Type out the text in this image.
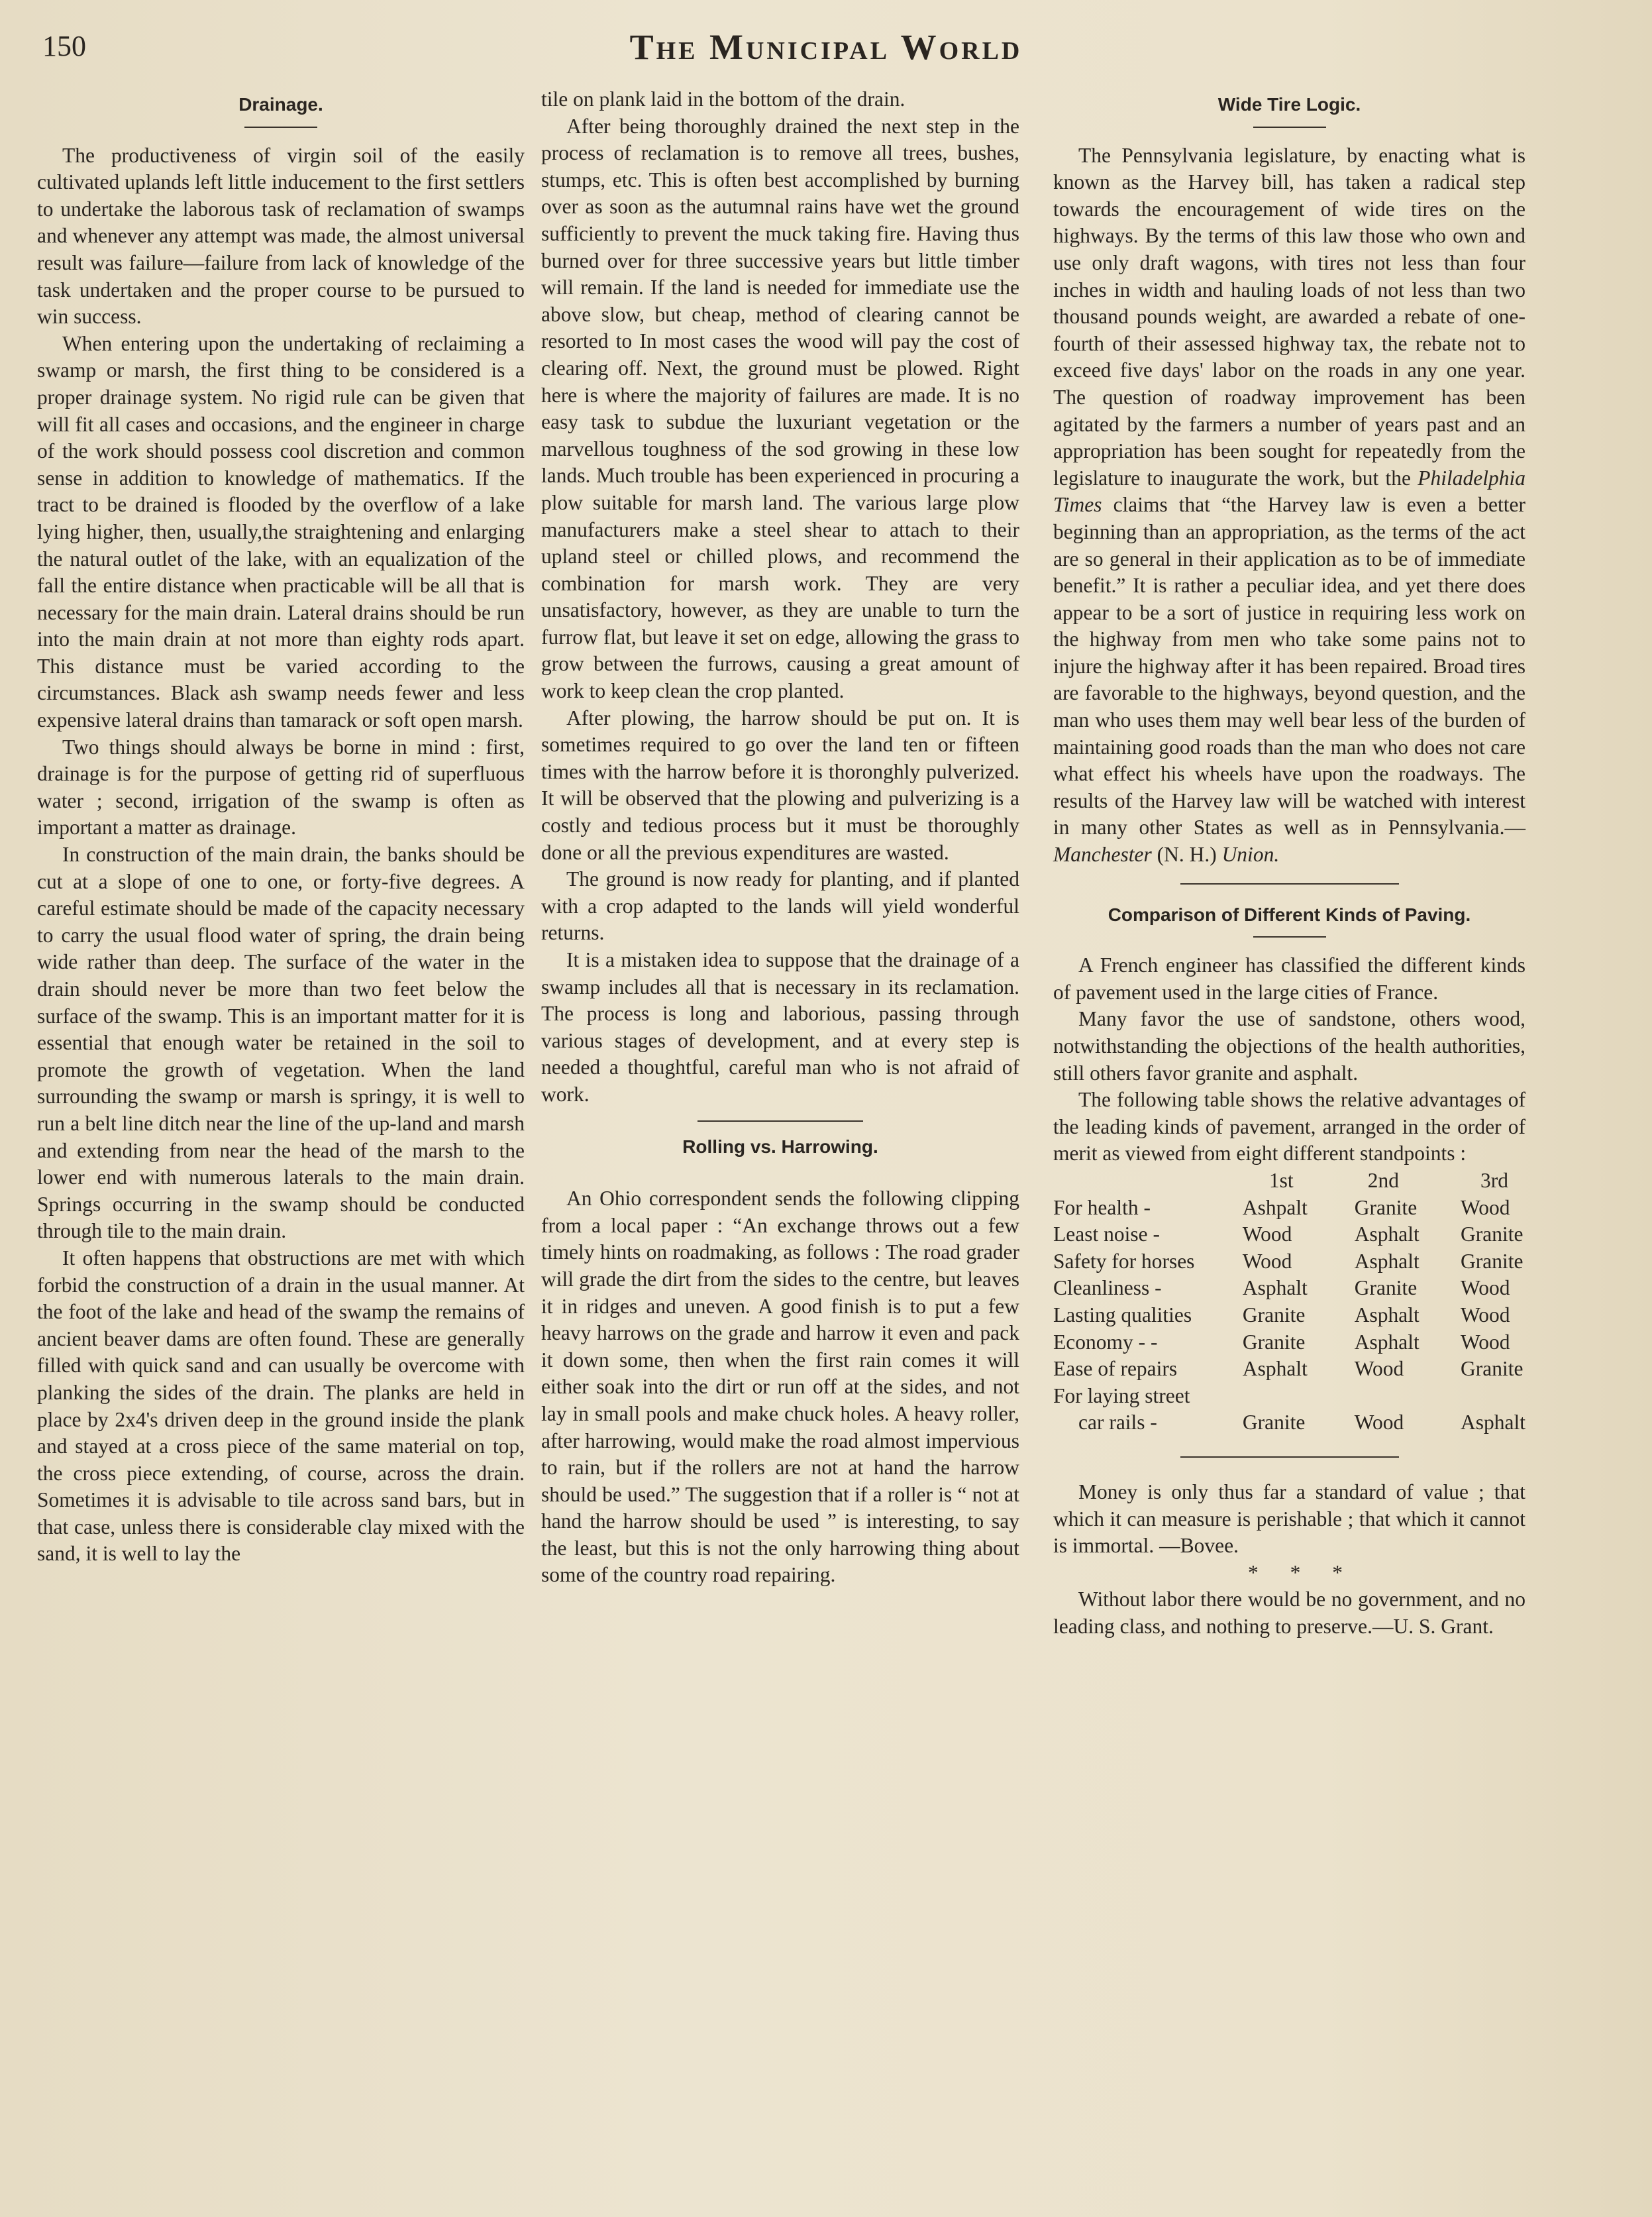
150	The Municipal World
Drainage.

The productiveness of virgin soil of the easily cultivated uplands left little inducement to the first settlers to undertake the laborous task of reclamation of swamps and whenever any attempt was made, the almost universal result was failure—failure from lack of knowledge of the task undertaken and the proper course to be pursued to win success.

When entering upon the undertaking of reclaiming a swamp or marsh, the first thing to be considered is a proper drainage system. No rigid rule can be given that will fit all cases and occasions, and the engineer in charge of the work should possess cool discretion and common sense in addition to knowledge of mathematics. If the tract to be drained is flooded by the overflow of a lake lying higher, then, usually,the straightening and enlarging the natural outlet of the lake, with an equalization of the fall the entire distance when practicable will be all that is necessary for the main drain. Lateral drains should be run into the main drain at not more than eighty rods apart. This distance must be varied according to the circumstances. Black ash swamp needs fewer and less expensive lateral drains than tamarack or soft open marsh.

Two things should always be borne in mind : first, drainage is for the purpose of getting rid of superfluous water ; second, irrigation of the swamp is often as important a matter as drainage.

In construction of the main drain, the banks should be cut at a slope of one to one, or forty-five degrees. A careful estimate should be made of the capacity necessary to carry the usual flood water of spring, the drain being wide rather than deep. The surface of the water in the drain should never be more than two feet below the surface of the swamp. This is an important matter for it is essential that enough water be retained in the soil to promote the growth of vegetation. When the land surrounding the swamp or marsh is springy, it is well to run a belt line ditch near the line of the up-land and marsh and extending from near the head of the marsh to the lower end with numerous laterals to the main drain. Springs occurring in the swamp should be conducted through tile to the main drain.

It often happens that obstructions are met with which forbid the construction of a drain in the usual manner. At the foot of the lake and head of the swamp the remains of ancient beaver dams are often found. These are generally filled with quick sand and can usually be overcome with planking the sides of the drain. The planks are held in place by 2x4's driven deep in the ground inside the plank and stayed at a cross piece of the same material on top, the cross piece extending, of course, across the drain. Sometimes it is advisable to tile across sand bars, but in that case, unless there is considerable clay mixed with the sand, it is well to lay the

tile on plank laid in the bottom of the drain.

After being thoroughly drained the next step in the process of reclamation is to remove all trees, bushes, stumps, etc. This is often best accomplished by burning over as soon as the autumnal rains have wet the ground sufficiently to prevent the muck taking fire. Having thus burned over for three successive years but little timber will remain. If the land is needed for immediate use the above slow, but cheap, method of clearing cannot be resorted to In most cases the wood will pay the cost of clearing off. Next, the ground must be plowed. Right here is where the majority of failures are made. It is no easy task to subdue the luxuriant vegetation or the marvellous toughness of the sod growing in these low lands. Much trouble has been experienced in procuring a plow suitable for marsh land. The various large plow manufacturers make a steel shear to attach to their upland steel or chilled plows, and recommend the combination for marsh work. They are very unsatisfactory, however, as they are unable to turn the furrow flat, but leave it set on edge, allowing the grass to grow between the furrows, causing a great amount of work to keep clean the crop planted.

After plowing, the harrow should be put on. It is sometimes required to go over the land ten or fifteen times with the harrow before it is thoronghly pulverized. It will be observed that the plowing and pulverizing is a costly and tedious process but it must be thoroughly done or all the previous expenditures are wasted.

The ground is now ready for planting, and if planted with a crop adapted to the lands will yield wonderful returns.

It is a mistaken idea to suppose that the drainage of a swamp includes all that is necessary in its reclamation. The process is long and laborious, passing through various stages of development, and at every step is needed a thoughtful, careful man who is not afraid of work.

Rolling vs. Harrowing.

An Ohio correspondent sends the following clipping from a local paper : “An exchange throws out a few timely hints on roadmaking, as follows : The road grader will grade the dirt from the sides to the centre, but leaves it in ridges and uneven. A good finish is to put a few heavy harrows on the grade and harrow it even and pack it down some, then when the first rain comes it will either soak into the dirt or run off at the sides, and not lay in small pools and make chuck holes. A heavy roller, after harrowing, would make the road almost impervious to rain, but if the rollers are not at hand the harrow should be used.” The suggestion that if a roller is “ not at hand the harrow should be used ” is interesting, to say the least, but this is not the only harrowing thing about some of the country road repairing.

Wide Tire Logic.

The Pennsylvania legislature, by enacting what is known as the Harvey bill, has taken a radical step towards the encouragement of wide tires on the highways. By the terms of this law those who own and use only draft wagons, with tires not less than four inches in width and hauling loads of not less than two thousand pounds weight, are awarded a rebate of one-fourth of their assessed highway tax, the rebate not to exceed five days' labor on the roads in any one year. The question of roadway improvement has been agitated by the farmers a number of years past and an appropriation has been sought for repeatedly from the legislature to inaugurate the work, but the Philadelphia Times claims that “the Harvey law is even a better beginning than an appropriation, as the terms of the act are so general in their application as to be of immediate benefit.” It is rather a peculiar idea, and yet there does appear to be a sort of justice in requiring less work on the highway from men who take some pains not to injure the highway after it has been repaired. Broad tires are favorable to the highways, beyond question, and the man who uses them may well bear less of the burden of maintaining good roads than the man who does not care what effect his wheels have upon the roadways. The results of the Harvey law will be watched with interest in many other States as well as in Pennsylvania.—Manchester (N. H.) Union.

Comparison of Different Kinds of Paving.

A French engineer has classified the different kinds of pavement used in the large cities of France.

Many favor the use of sandstone, others wood, notwithstanding the objections of the health authorities, still others favor granite and asphalt.

The following table shows the relative advantages of the leading kinds of pavement, arranged in the order of merit as viewed from eight different standpoints :

	1st	2nd	3rd
For health -	Ashpalt	Granite	Wood
Least noise -	Wood	Asphalt	Granite
Safety for horses	Wood	Asphalt	Granite
Cleanliness -	Asphalt	Granite	Wood
Lasting qualities	Granite	Asphalt	Wood
Economy - -	Granite	Asphalt	Wood
Ease of repairs	Asphalt	Wood	Granite
For laying street			
car rails -	Granite	Wood	Asphalt

Money is only thus far a standard of value ; that which it can measure is perishable ; that which it cannot is immortal. —Bovee.

* * *

Without labor there would be no government, and no leading class, and nothing to preserve.—U. S. Grant.
